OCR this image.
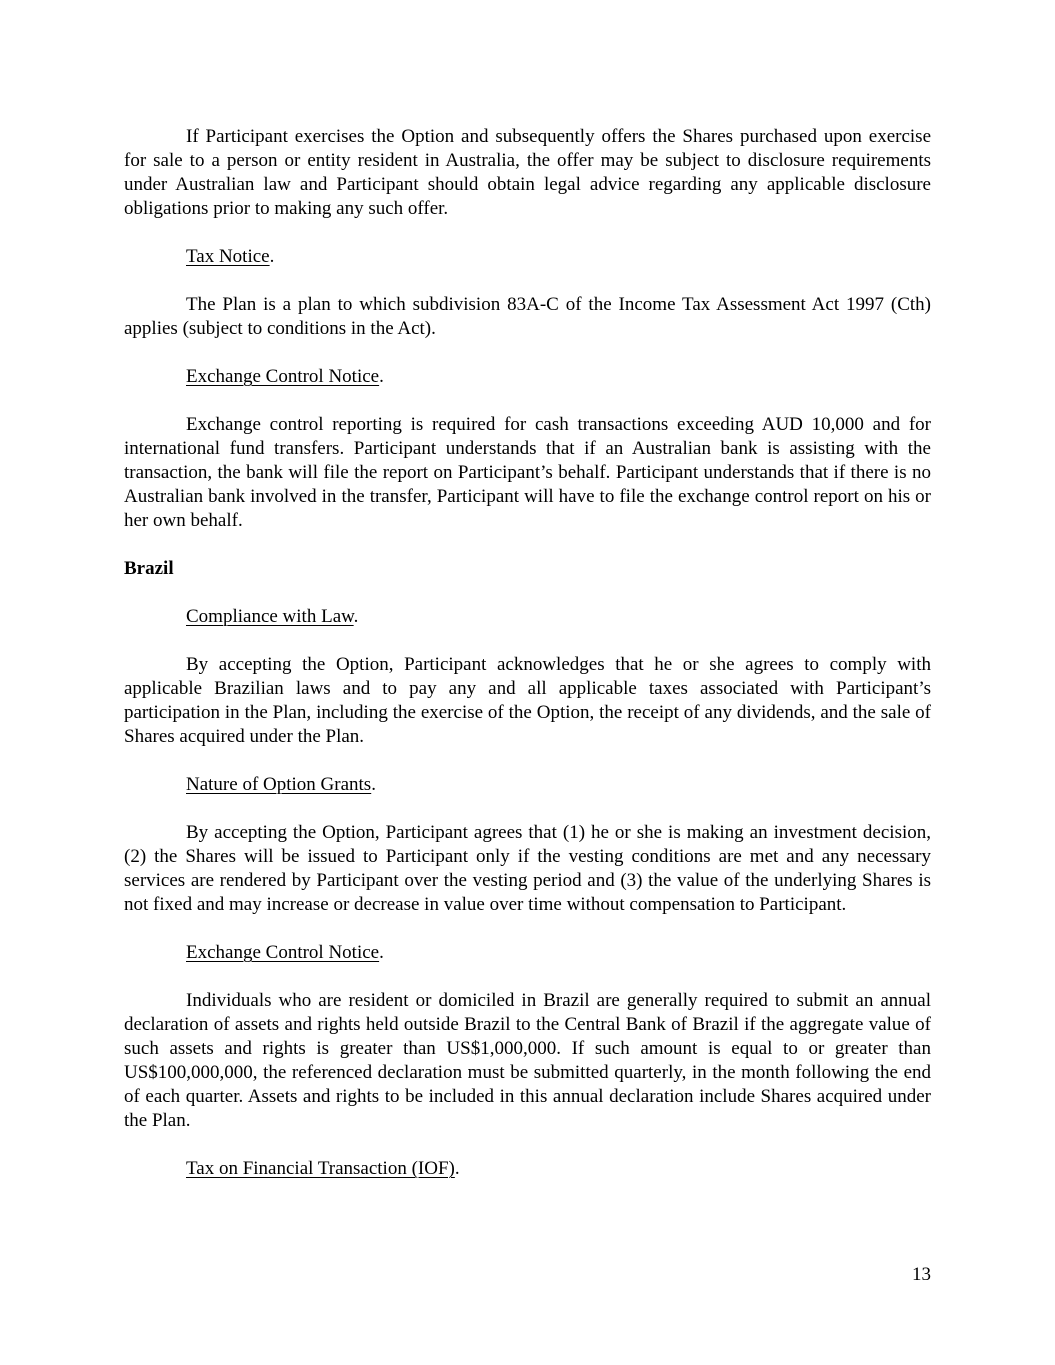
If Participant exercises the Option and subsequently offers the Shares purchased upon exercise for sale to a person or entity resident in Australia, the offer may be subject to disclosure requirements under Australian law and Participant should obtain legal advice regarding any applicable disclosure obligations prior to making any such offer.

Tax Notice.

The Plan is a plan to which subdivision 83A-C of the Income Tax Assessment Act 1997 (Cth) applies (subject to conditions in the Act).

Exchange Control Notice.

Exchange control reporting is required for cash transactions exceeding AUD 10,000 and for international fund transfers. Participant understands that if an Australian bank is assisting with the transaction, the bank will file the report on Participant’s behalf. Participant understands that if there is no Australian bank involved in the transfer, Participant will have to file the exchange control report on his or her own behalf.

Brazil

Compliance with Law.

By accepting the Option, Participant acknowledges that he or she agrees to comply with applicable Brazilian laws and to pay any and all applicable taxes associated with Participant’s participation in the Plan, including the exercise of the Option, the receipt of any dividends, and the sale of Shares acquired under the Plan.

Nature of Option Grants.

By accepting the Option, Participant agrees that (1) he or she is making an investment decision, (2) the Shares will be issued to Participant only if the vesting conditions are met and any necessary services are rendered by Participant over the vesting period and (3) the value of the underlying Shares is not fixed and may increase or decrease in value over time without compensation to Participant.

Exchange Control Notice.

Individuals who are resident or domiciled in Brazil are generally required to submit an annual declaration of assets and rights held outside Brazil to the Central Bank of Brazil if the aggregate value of such assets and rights is greater than US$1,000,000. If such amount is equal to or greater than US$100,000,000, the referenced declaration must be submitted quarterly, in the month following the end of each quarter. Assets and rights to be included in this annual declaration include Shares acquired under the Plan.

Tax on Financial Transaction (IOF).

13
